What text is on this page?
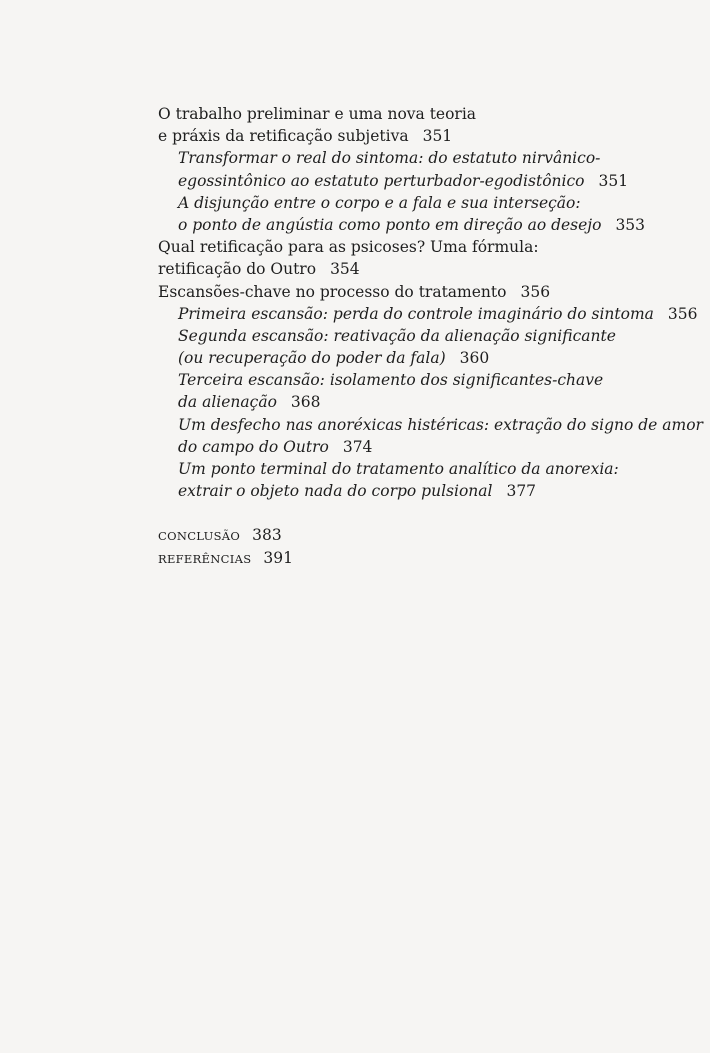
O trabalho preliminar e uma nova teoria
e práxis da retificação subjetiva 351
Transformar o real do sintoma: do estatuto nirvânico-
egossintônico ao estatuto perturbador-egodistônico 351
A disjunção entre o corpo e a fala e sua interseção:
o ponto de angústia como ponto em direção ao desejo 353
Qual retificação para as psicoses? Uma fórmula:
retificação do Outro 354
Escansões-chave no processo do tratamento 356
Primeira escansão: perda do controle imaginário do sintoma 356
Segunda escansão: reativação da alienação significante
(ou recuperação do poder da fala) 360
Terceira escansão: isolamento dos significantes-chave
da alienação 368
Um desfecho nas anoréxicas histéricas: extração do signo de amor
do campo do Outro 374
Um ponto terminal do tratamento analítico da anorexia:
extrair o objeto nada do corpo pulsional 377
CONCLUSÃO 383
REFERÊNCIAS 391
